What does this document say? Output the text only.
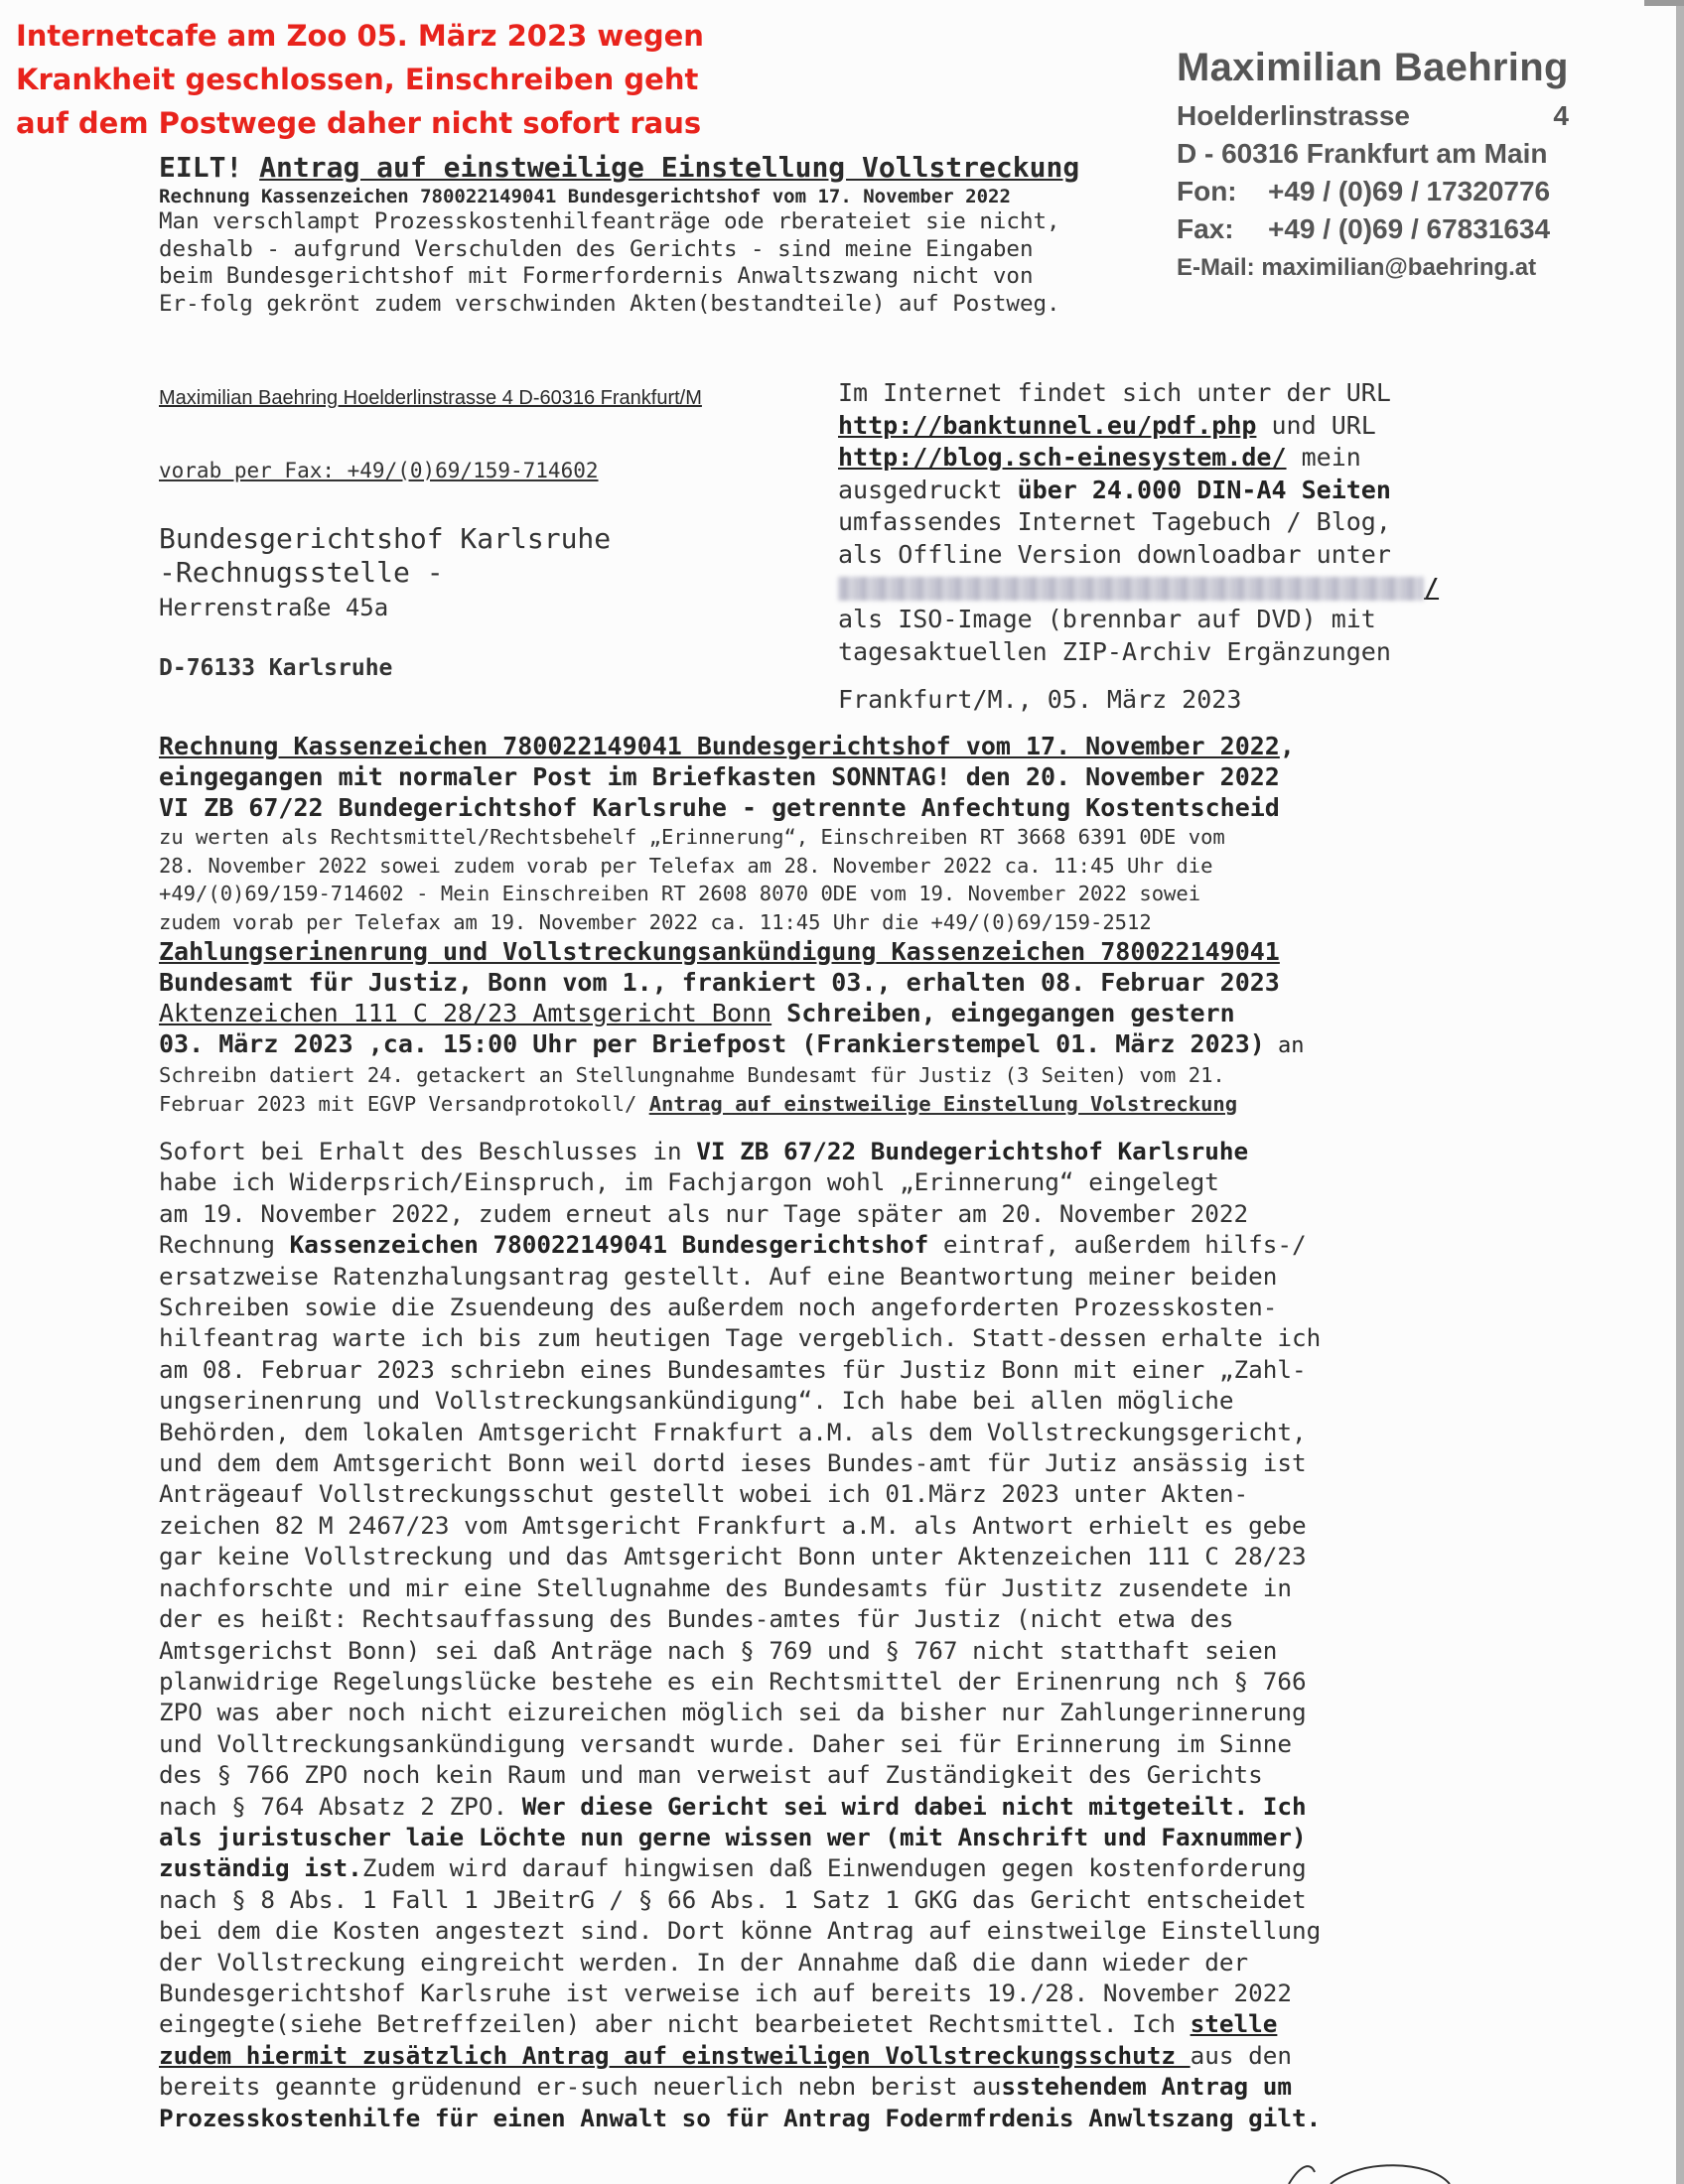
Internetcafe am Zoo 05. März 2023 wegen
Krankheit geschlossen, Einschreiben geht
auf dem Postwege daher nicht sofort raus
Maximilian Baehring
Hoelderlinstrasse	4
D - 60316 Frankfurt am Main
Fon: +49 / (0)69 / 17320776
Fax: +49 / (0)69 / 67831634
E-Mail: maximilian@baehring.at
EILT! Antrag auf einstweilige Einstellung Vollstreckung
Rechnung Kassenzeichen 780022149041 Bundesgerichtshof vom 17. November 2022
Man verschlampt Prozesskostenhilfeanträge ode rberateiet sie nicht,
deshalb - aufgrund Verschulden des Gerichts - sind meine Eingaben
beim Bundesgerichtshof mit Formerfordernis Anwaltszwang nicht von
Er-folg gekrönt zudem verschwinden Akten(bestandteile) auf Postweg.
Maximilian Baehring Hoelderlinstrasse 4 D-60316 Frankfurt/M
vorab per Fax: +49/(0)69/159-714602
Bundesgerichtshof Karlsruhe
-Rechnugsstelle -
Herrenstraße 45a
D-76133 Karlsruhe
Im Internet findet sich unter der URL
http://banktunnel.eu/pdf.php und URL
http://blog.sch-einesystem.de/ mein
ausgedruckt über 24.000 DIN-A4 Seiten
umfassendes Internet Tagebuch / Blog,
als Offline Version downloadbar unter
/
als ISO-Image (brennbar auf DVD) mit
tagesaktuellen ZIP-Archiv Ergänzungen
Frankfurt/M., 05. März 2023
Rechnung Kassenzeichen 780022149041 Bundesgerichtshof vom 17. November 2022,
eingegangen mit normaler Post im Briefkasten SONNTAG! den 20. November 2022
VI ZB 67/22 Bundegerichtshof Karlsruhe - getrennte Anfechtung Kostentscheid
zu werten als Rechtsmittel/Rechtsbehelf „Erinnerung“, Einschreiben RT 3668 6391 0DE vom
28. November 2022 sowei zudem vorab per Telefax am 28. November 2022 ca. 11:45 Uhr die
+49/(0)69/159-714602 - Mein Einschreiben RT 2608 8070 0DE vom 19. November 2022 sowei
zudem vorab per Telefax am 19. November 2022 ca. 11:45 Uhr die +49/(0)69/159-2512
Zahlungserinenrung und Vollstreckungsankündigung Kassenzeichen 780022149041
Bundesamt für Justiz, Bonn vom 1., frankiert 03., erhalten 08. Februar 2023
Aktenzeichen 111 C 28/23 Amtsgericht Bonn Schreiben, eingegangen gestern
03. März 2023 ,ca. 15:00 Uhr per Briefpost (Frankierstempel 01. März 2023) an
Schreibn datiert 24. getackert an Stellungnahme Bundesamt für Justiz (3 Seiten) vom 21.
Februar 2023 mit EGVP Versandprotokoll/ Antrag auf einstweilige Einstellung Volstreckung

Sofort bei Erhalt des Beschlusses in VI ZB 67/22 Bundegerichtshof Karlsruhe

habe ich Widerpsrich/Einspruch, im Fachjargon wohl „Erinnerung“ eingelegt

am 19. November 2022, zudem erneut als nur Tage später am 20. November 2022

Rechnung Kassenzeichen 780022149041 Bundesgerichtshof eintraf, außerdem hilfs-/

ersatzweise Ratenzhalungsantrag gestellt. Auf eine Beantwortung meiner beiden

Schreiben sowie die Zsuendeung des außerdem noch angeforderten Prozesskosten-

hilfeantrag warte ich bis zum heutigen Tage vergeblich. Statt-dessen erhalte ich

am 08. Februar 2023 schriebn eines Bundesamtes für Justiz Bonn mit einer „Zahl-

ungserinenrung und Vollstreckungsankündigung“. Ich habe bei allen mögliche

Behörden, dem lokalen Amtsgericht Frnakfurt a.M. als dem Vollstreckungsgericht,

und dem dem Amtsgericht Bonn weil dortd ieses Bundes-amt für Jutiz ansässig ist

Anträgeauf Vollstreckungsschut gestellt wobei ich 01.März 2023 unter Akten-

zeichen 82 M 2467/23 vom Amtsgericht Frankfurt a.M. als Antwort erhielt es gebe

gar keine Vollstreckung und das Amtsgericht Bonn unter Aktenzeichen 111 C 28/23

nachforschte und mir eine Stellugnahme des Bundesamts für Justitz zusendete in

der es heißt: Rechtsauffassung des Bundes-amtes für Justiz (nicht etwa des

Amtsgerichst Bonn) sei daß Anträge nach § 769 und § 767 nicht statthaft seien

planwidrige Regelungslücke bestehe es ein Rechtsmittel der Erinenrung nch § 766

ZPO was aber noch nicht eizureichen möglich sei da bisher nur Zahlungerinnerung

und Volltreckungsankündigung versandt wurde. Daher sei für Erinnerung im Sinne

des § 766 ZPO noch kein Raum und man verweist auf Zuständigkeit des Gerichts

nach § 764 Absatz 2 ZPO. Wer diese Gericht sei wird dabei nicht mitgeteilt. Ich

als juristuscher laie Löchte nun gerne wissen wer (mit Anschrift und Faxnummer)

zuständig ist.Zudem wird darauf hingwisen daß Einwendugen gegen kostenforderung

nach § 8 Abs. 1 Fall 1 JBeitrG / § 66 Abs. 1 Satz 1 GKG das Gericht entscheidet

bei dem die Kosten angestezt sind. Dort könne Antrag auf einstweilge Einstellung

der Vollstreckung eingreicht werden. In der Annahme daß die dann wieder der

Bundesgerichtshof Karlsruhe ist verweise ich auf bereits 19./28. November 2022

eingegte(siehe Betreffzeilen) aber nicht bearbeietet Rechtsmittel. Ich stelle

zudem hiermit zusätzlich Antrag auf einstweiligen Vollstreckungsschutz aus den

bereits geannte grüdenund er-such neuerlich nebn berist ausstehendem Antrag um

Prozesskostenhilfe für einen Anwalt so für Antrag Fodermfrdenis Anwltszang gilt.
